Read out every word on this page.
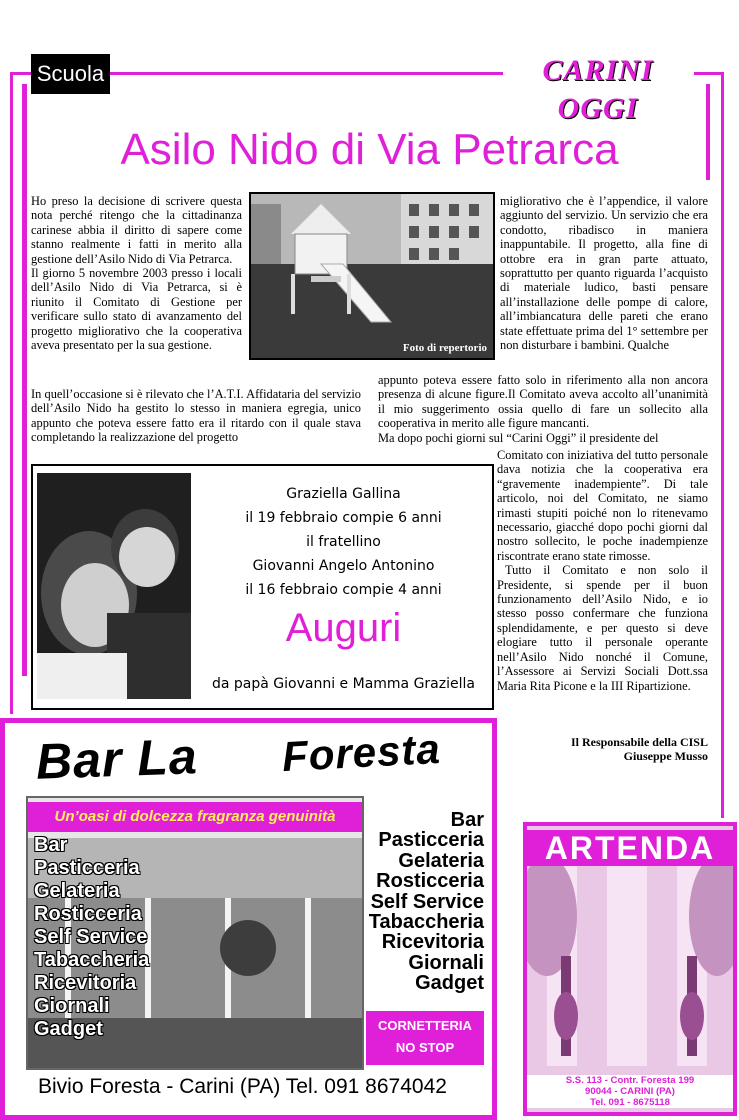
Scuola	CARINI OGGI
Asilo Nido di Via Petrarca

Ho preso la decisione di scrivere questa nota perché ritengo che la cittadinanza carinese abbia il diritto di sapere come stanno realmente i fatti in merito alla gestione dell’Asilo Nido di Via Petrarca.

Il giorno 5 novembre 2003 presso i locali dell’Asilo Nido di Via Petrarca, si è riunito il Comitato di Gestione per verificare sullo stato di avanzamento del progetto migliorativo che la cooperativa aveva presentato per la sua gestione.	Foto di repertorio

migliorativo che è l’appendice, il valore aggiunto del servizio. Un servizio che era condotto, ribadisco in maniera inappuntabile. Il progetto, alla fine di ottobre era in gran parte attuato, soprattutto per quanto riguarda l’acquisto di materiale ludico, basti pensare all’installazione delle pompe di calore, all’imbiancatura delle pareti che erano state effettuate prima del 1° settembre per non disturbare i bambini. Qualche

In quell’occasione si è rilevato che l’A.T.I. Affidataria del servizio dell’Asilo Nido ha gestito lo stesso in maniera egregia, unico appunto che poteva essere fatto era il ritardo con il quale stava completando la realizzazione del progetto

appunto poteva essere fatto solo in riferimento alla non ancora presenza di alcune figure.Il Comitato aveva accolto all’unanimità il mio suggerimento ossia quello di fare un sollecito alla cooperativa in merito alle figure mancanti.

Ma dopo pochi giorni sul “Carini Oggi” il presidente del

Comitato con iniziativa del tutto personale dava notizia che la cooperativa era “gravemente inadempiente”. Di tale articolo, noi del Comitato, ne siamo rimasti stupiti poiché non lo ritenevamo necessario, giacché dopo pochi giorni dal nostro sollecito, le poche inadempienze riscontrate erano state rimosse.

Tutto il Comitato e non solo il Presidente, si spende per il buon funzionamento dell’Asilo Nido, e io stesso posso confermare che funziona splendidamente, e per questo si deve elogiare tutto il personale operante nell’Asilo Nido nonché il Comune, l’Assessore ai Servizi Sociali Dott.ssa Maria Rita Picone e la III Ripartizione.

Il Responsabile della CISL
Giuseppe Musso
Graziella Gallina
il 19 febbraio compie 6 anni
il fratellino
Giovanni Angelo Antonino
il 16 febbraio compie 4 anni
Auguri
da papà Giovanni e Mamma Graziella
Bar La Foresta
Un’oasi di dolcezza fragranza genuinità
Bar
Pasticceria
Gelateria
Rosticceria
Self Service
Tabaccheria
Ricevitoria
Giornali
Gadget
Bar
Pasticceria
Gelateria
Rosticceria
Self Service
Tabaccheria
Ricevitoria
Giornali
Gadget
CORNETTERIA
NO STOP
Bivio Foresta - Carini (PA) Tel. 091 8674042
ARTENDA
S.S. 113 - Contr. Foresta 199
90044 - CARINI (PA)
Tel. 091 - 8675118
